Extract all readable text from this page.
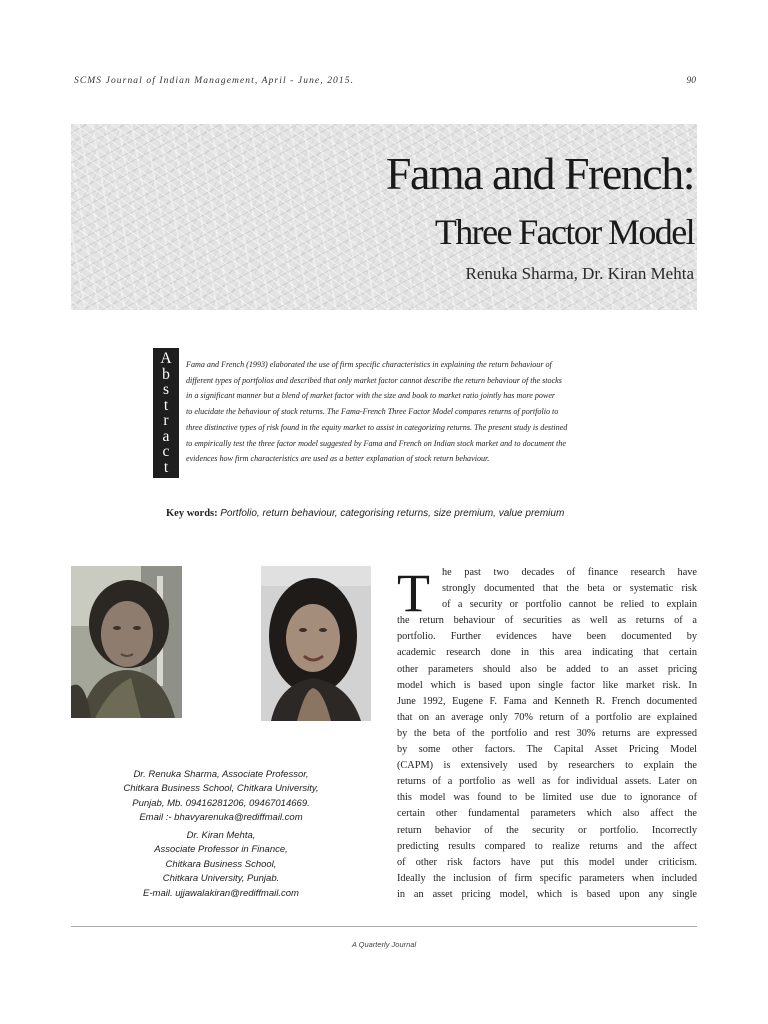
SCMS Journal of Indian Management, April - June, 2015.	90
Fama and French:
Three Factor Model
Renuka Sharma, Dr. Kiran Mehta
A
b
s
t
r
a
c
t
Fama and French (1993) elaborated the use of firm specific characteristics in explaining the return behaviour of
different types of portfolios and described that only market factor cannot describe the return behaviour of the stocks
in a significant manner but a blend of market factor with the size and book to market ratio jointly has more power
to elucidate the behaviour of stock returns. The Fama-French Three Factor Model compares returns of portfolio to
three distinctive types of risk found in the equity market to assist in categorizing returns. The present study is destined
to empirically test the three factor model suggested by Fama and French on Indian stock market and to document the
evidences how firm characteristics are used as a better explanation of stock return behaviour.
Key words: Portfolio, return behaviour, categorising returns, size premium, value premium
Dr. Renuka Sharma, Associate Professor,
Chitkara Business School, Chitkara University,
Punjab, Mb. 09416281206, 09467014669.
Email :- bhavyarenuka@rediffmail.com
Dr. Kiran Mehta,
Associate Professor in Finance,
Chitkara Business School,
Chitkara University, Punjab.
E-mail. ujjawalakiran@rediffmail.com
T	he past two decades of finance research have
strongly documented that the beta or systematic risk
of a security or portfolio cannot be relied to explain
the return behaviour of securities as well as returns of a
portfolio. Further evidences have been documented by
academic research done in this area indicating that certain
other parameters should also be added to an asset pricing
model which is based upon single factor like market risk. In
June 1992, Eugene F. Fama and Kenneth R. French documented
that on an average only 70% return of a portfolio are explained
by the beta of the portfolio and rest 30% returns are expressed
by some other factors. The Capital Asset Pricing Model
(CAPM) is extensively used by researchers to explain the
returns of a portfolio as well as for individual assets. Later on
this model was found to be limited use due to ignorance of
certain other fundamental parameters which also affect the
return behavior of the security or portfolio. Incorrectly
predicting results compared to realize returns and the affect
of other risk factors have put this model under criticism.
Ideally the inclusion of firm specific parameters when included
in an asset pricing model, which is based upon any single
A Quarterly Journal
